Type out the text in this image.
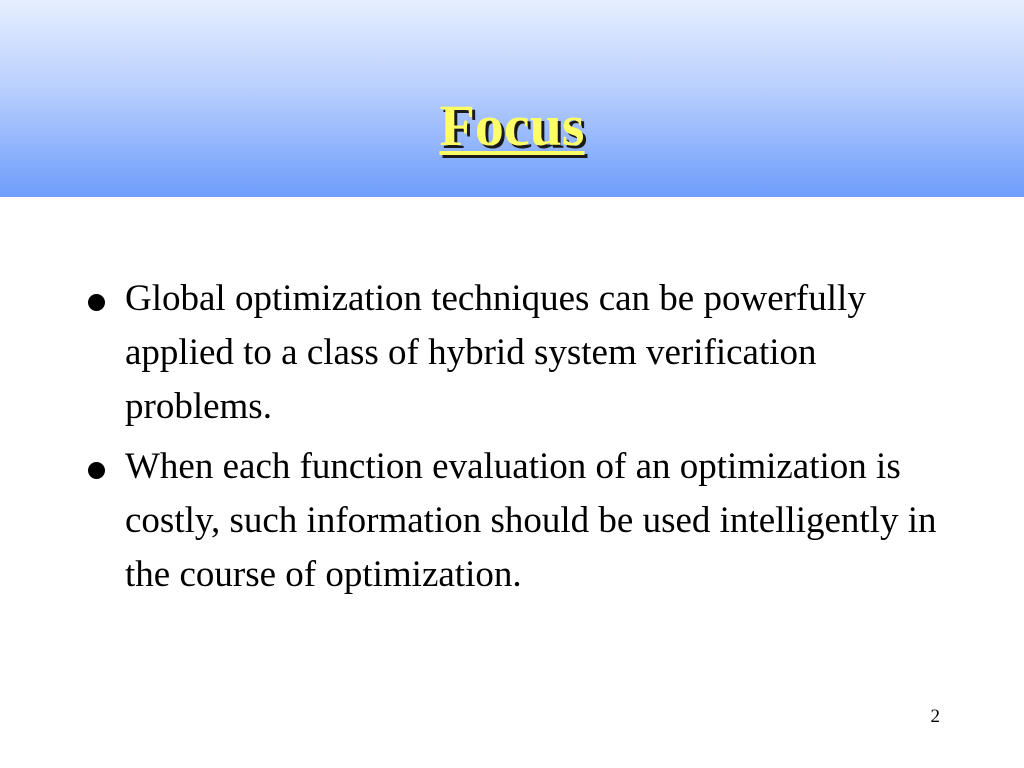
Focus
Global optimization techniques can be powerfully applied to a class of hybrid system verification problems.
When each function evaluation of an optimization is costly, such information should be used intelligently in the course of optimization.
2
